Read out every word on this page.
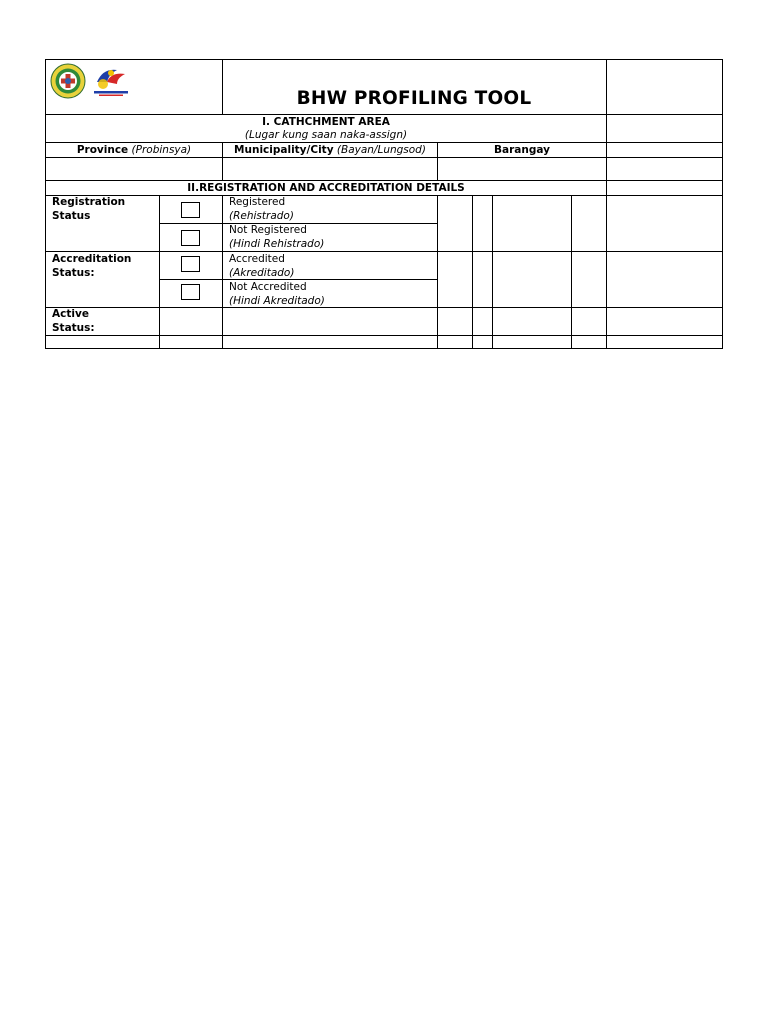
BHW PROFILING TOOL
I. CATHCHMENT AREA
(Lugar kung saan naka-assign)
Province (Probinsya)	Municipality/City (Bayan/Lungsod)	Barangay
II.REGISTRATION AND ACCREDITATION DETAILS
Registration
Status
Registered
(Rehistrado)
Not Registered
(Hindi Rehistrado)
Accreditation
Status:
Accredited
(Akreditado)
Not Accredited
(Hindi Akreditado)
Active
Status:
